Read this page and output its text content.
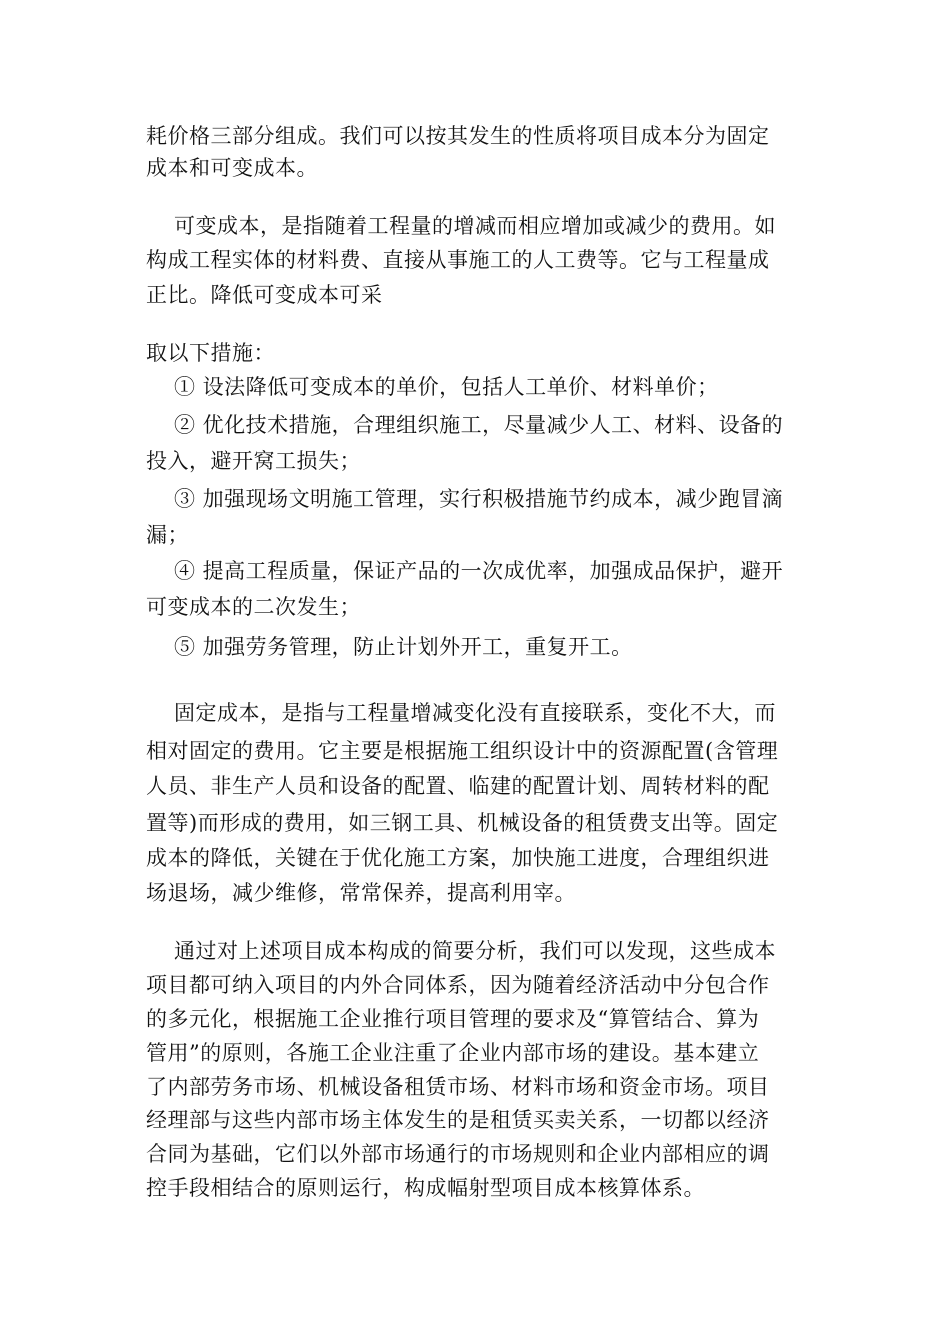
耗价格三部分组成。我们可以按其发生的性质将项目成本分为固定
成本和可变成本。
可变成本，是指随着工程量的增减而相应增加或减少的费用。如
构成工程实体的材料费、直接从事施工的人工费等。它与工程量成
正比。降低可变成本可采
取以下措施：
① 设法降低可变成本的单价，包括人工单价、材料单价；
② 优化技术措施，合理组织施工，尽量减少人工、材料、设备的
投入，避开窝工损失；
③ 加强现场文明施工管理，实行积极措施节约成本，减少跑冒滴
漏；
④ 提高工程质量，保证产品的一次成优率，加强成品保护，避开
可变成本的二次发生；
⑤ 加强劳务管理，防止计划外开工，重复开工。
固定成本，是指与工程量增减变化没有直接联系，变化不大，而
相对固定的费用。它主要是根据施工组织设计中的资源配置(含管理
人员、非生产人员和设备的配置、临建的配置计划、周转材料的配
置等)而形成的费用，如三钢工具、机械设备的租赁费支出等。固定
成本的降低，关键在于优化施工方案，加快施工进度，合理组织进
场退场，减少维修，常常保养，提高利用宰。
通过对上述项目成本构成的简要分析，我们可以发现，这些成本
项目都可纳入项目的内外合同体系，因为随着经济活动中分包合作
的多元化，根据施工企业推行项目管理的要求及“算管结合、算为
管用”的原则，各施工企业注重了企业内部市场的建设。基本建立
了内部劳务市场、机械设备租赁市场、材料市场和资金市场。项目
经理部与这些内部市场主体发生的是租赁买卖关系，一切都以经济
合同为基础，它们以外部市场通行的市场规则和企业内部相应的调
控手段相结合的原则运行，构成幅射型项目成本核算体系。
